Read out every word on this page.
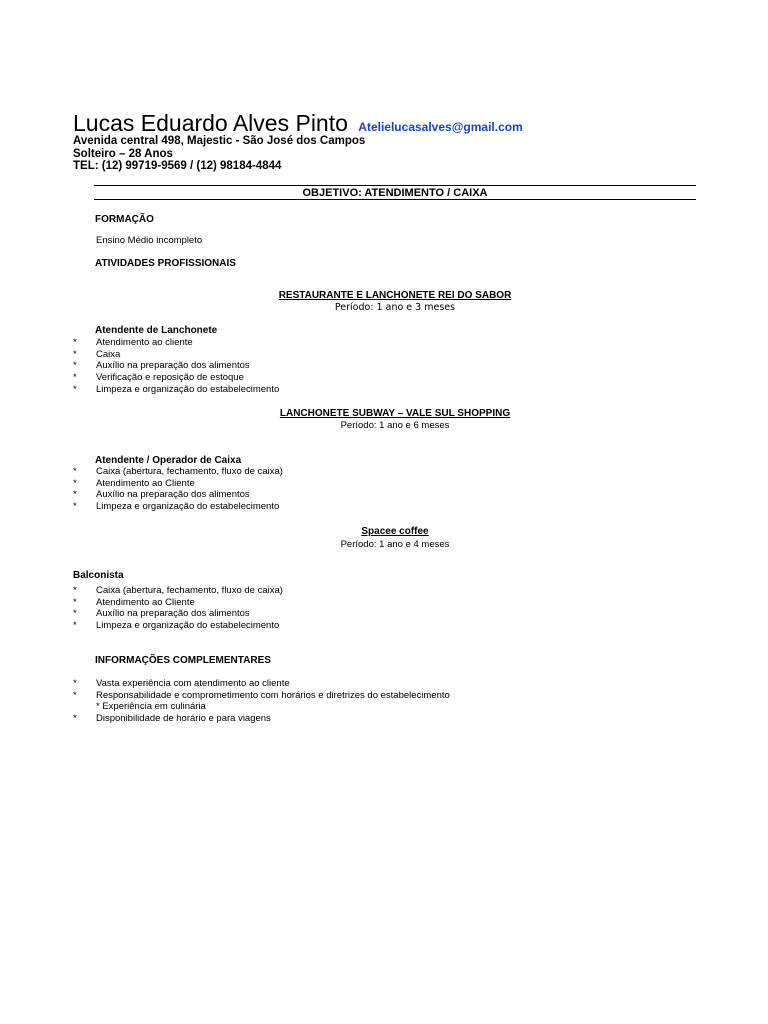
Lucas Eduardo Alves Pinto Atelielucasalves@gmail.com
Avenida central 498, Majestic - São José dos Campos
Solteiro – 28 Anos
TEL: (12) 99719-9569 / (12) 98184-4844
OBJETIVO: ATENDIMENTO / CAIXA
FORMAÇÃO
Ensino Médio incompleto
ATIVIDADES PROFISSIONAIS
RESTAURANTE E LANCHONETE REI DO SABOR
Período: 1 ano e 3 meses
Atendente de Lanchonete
* Atendimento ao cliente
* Caixa
* Auxílio na preparação dos alimentos
* Verificação e reposição de estoque
* Limpeza e organização do estabelecimento
LANCHONETE SUBWAY – VALE SUL SHOPPING
Período: 1 ano e 6 meses
Atendente / Operador de Caixa
* Caixa (abertura, fechamento, fluxo de caixa)
* Atendimento ao Cliente
* Auxílio na preparação dos alimentos
* Limpeza e organização do estabelecimento
Spacee coffee
Período: 1 ano e 4 meses
Balconista
* Caixa (abertura, fechamento, fluxo de caixa)
* Atendimento ao Cliente
* Auxílio na preparação dos alimentos
* Limpeza e organização do estabelecimento
INFORMAÇÕES COMPLEMENTARES
* Vasta experiência com atendimento ao cliente
* Responsabilidade e comprometimento com horários e diretrizes do estabelecimento
* Experiência em culinária
* Disponibilidade de horário e para viagens
